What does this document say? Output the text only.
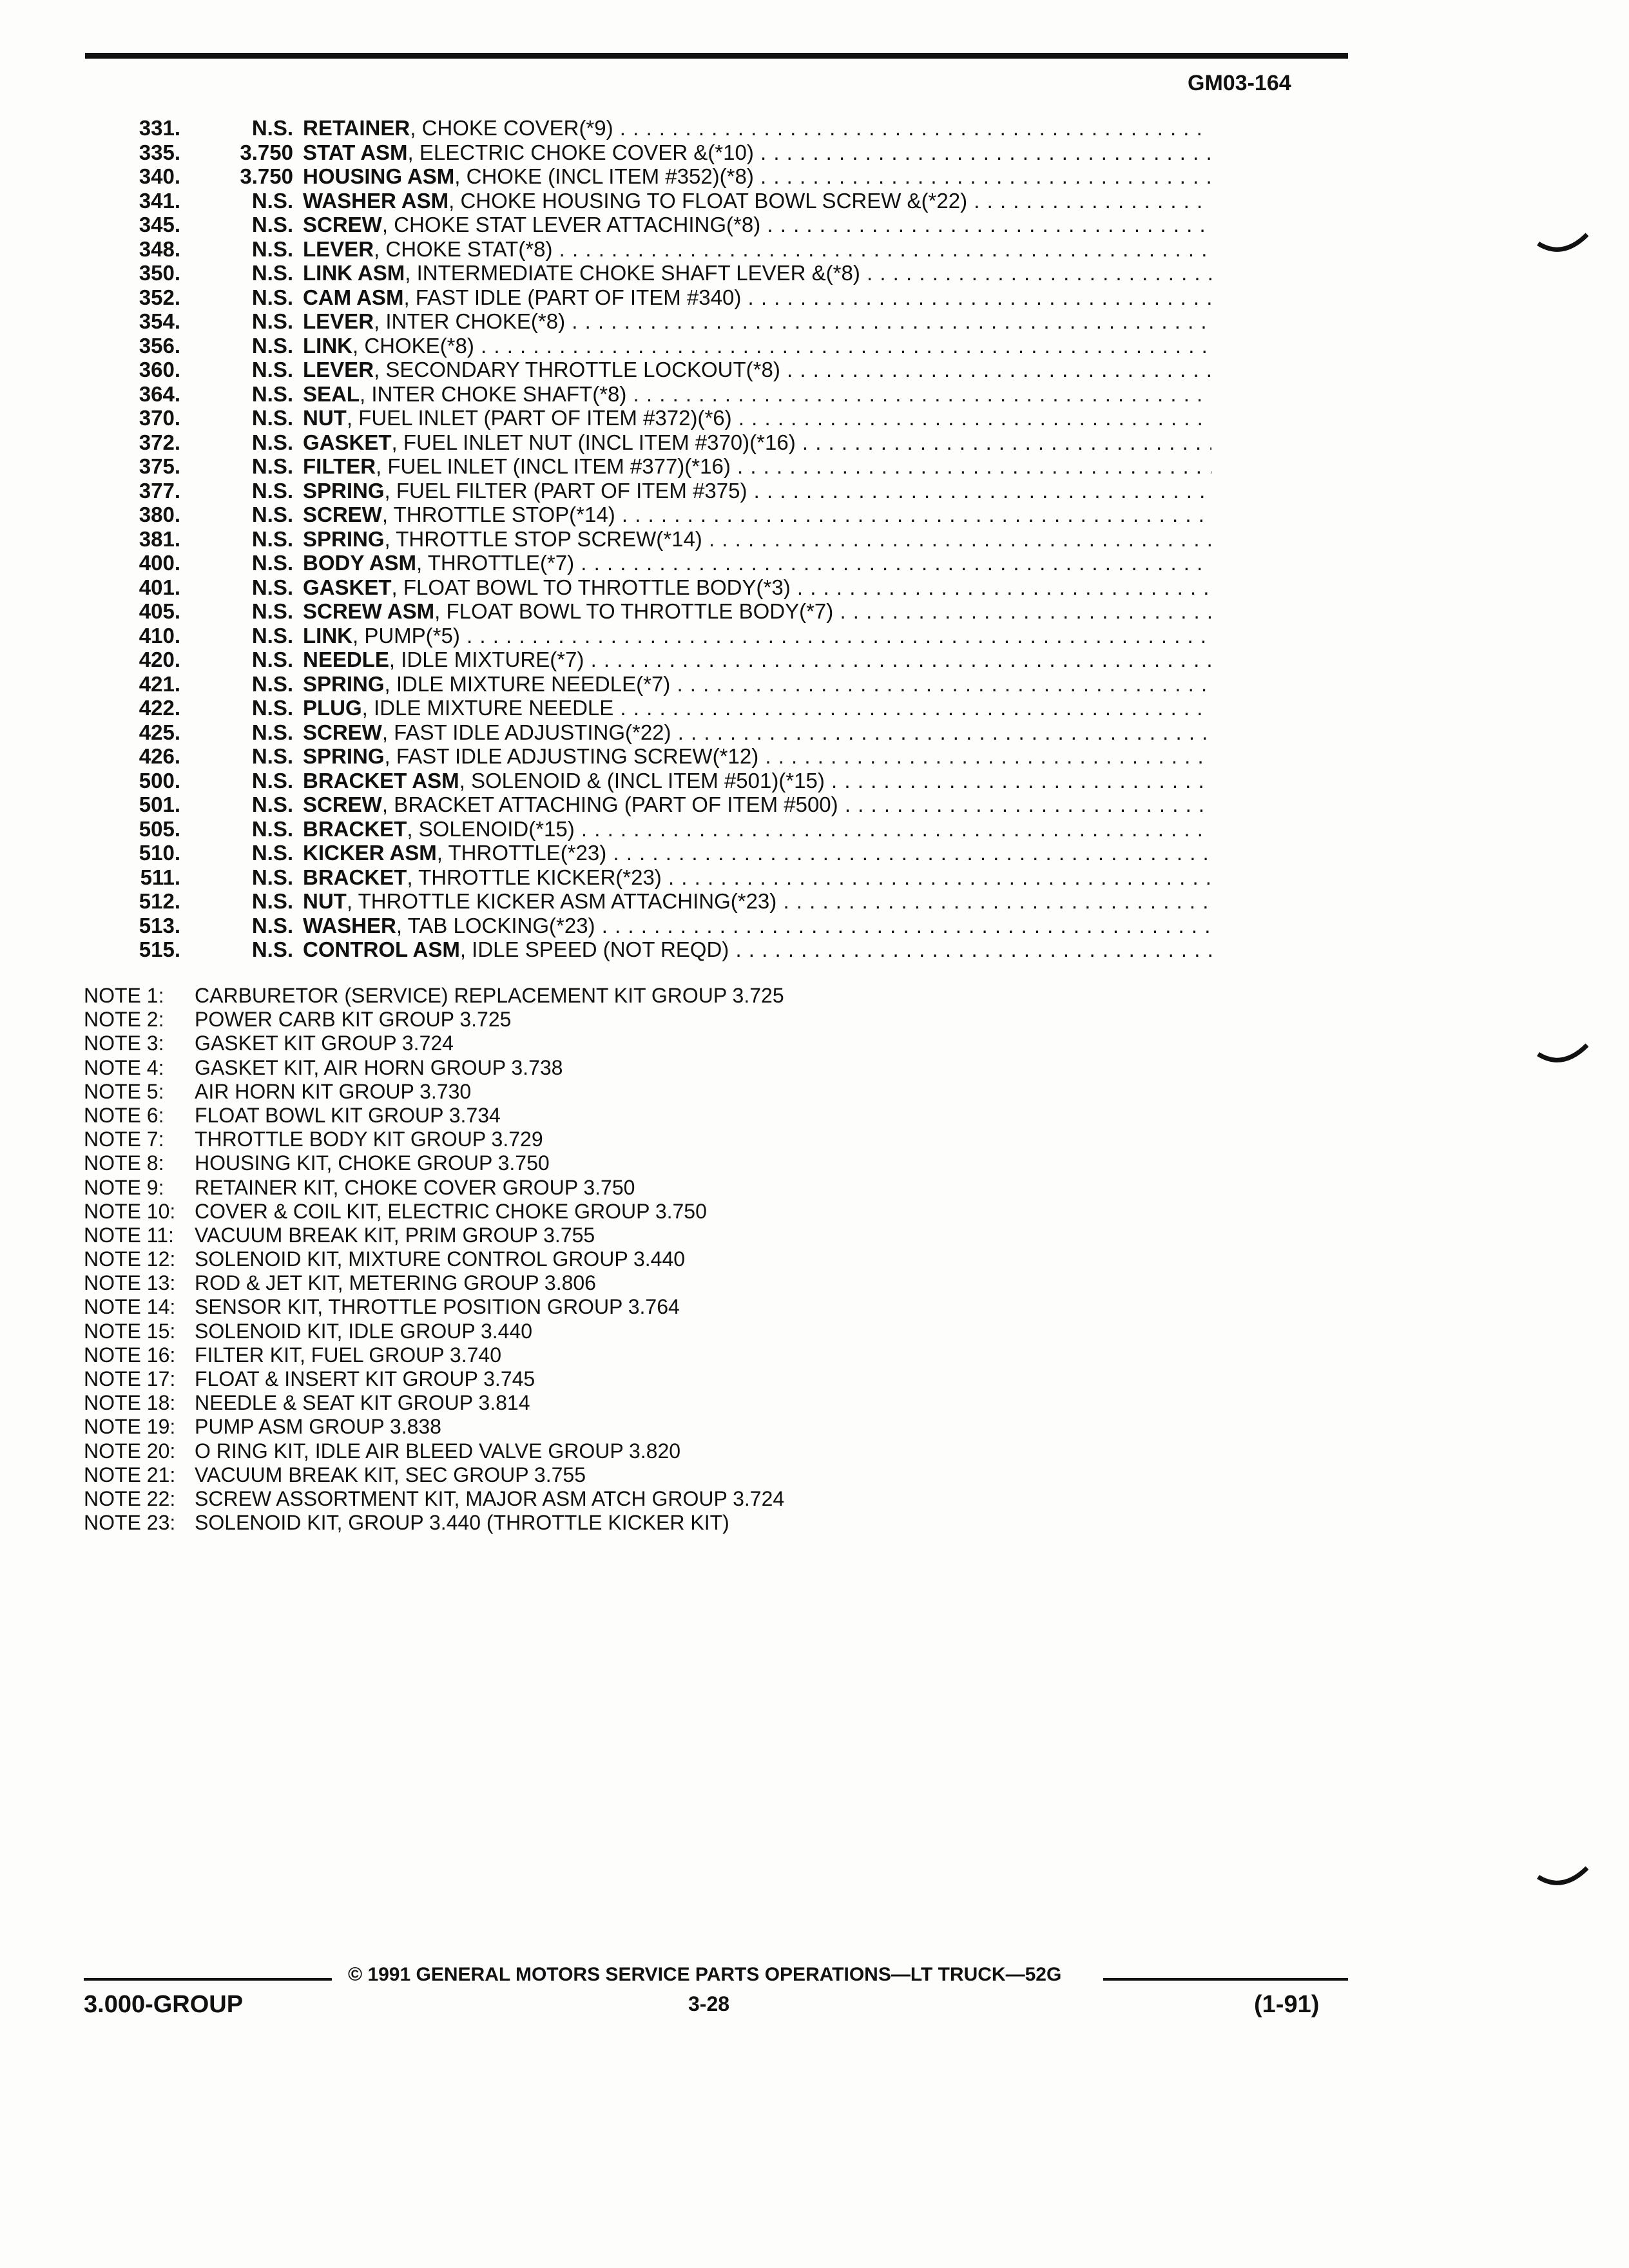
GM03-164
331.	N.S. RETAINER, CHOKE COVER(*9) . . .
335.	3.750 STAT ASM, ELECTRIC CHOKE COVER &(*10) . . .
340.	3.750 HOUSING ASM, CHOKE (INCL ITEM #352)(*8) . . .
341.	N.S. WASHER ASM, CHOKE HOUSING TO FLOAT BOWL SCREW &(*22) . . .
345.	N.S. SCREW, CHOKE STAT LEVER ATTACHING(*8) . . .
348.	N.S. LEVER, CHOKE STAT(*8) . . .
350.	N.S. LINK ASM, INTERMEDIATE CHOKE SHAFT LEVER &(*8) . . .
352.	N.S. CAM ASM, FAST IDLE (PART OF ITEM #340) . . .
354.	N.S. LEVER, INTER CHOKE(*8) . . .
356.	N.S. LINK, CHOKE(*8) . . .
360.	N.S. LEVER, SECONDARY THROTTLE LOCKOUT(*8) . . .
364.	N.S. SEAL, INTER CHOKE SHAFT(*8) . . .
370.	N.S. NUT, FUEL INLET (PART OF ITEM #372)(*6) . . .
372.	N.S. GASKET, FUEL INLET NUT (INCL ITEM #370)(*16) . . .
375.	N.S. FILTER, FUEL INLET (INCL ITEM #377)(*16) . . .
377.	N.S. SPRING, FUEL FILTER (PART OF ITEM #375) . . .
380.	N.S. SCREW, THROTTLE STOP(*14) . . .
381.	N.S. SPRING, THROTTLE STOP SCREW(*14) . . .
400.	N.S. BODY ASM, THROTTLE(*7) . . .
401.	N.S. GASKET, FLOAT BOWL TO THROTTLE BODY(*3) . . .
405.	N.S. SCREW ASM, FLOAT BOWL TO THROTTLE BODY(*7) . . .
410.	N.S. LINK, PUMP(*5) . . .
420.	N.S. NEEDLE, IDLE MIXTURE(*7) . . .
421.	N.S. SPRING, IDLE MIXTURE NEEDLE(*7) . . .
422.	N.S. PLUG, IDLE MIXTURE NEEDLE . . .
425.	N.S. SCREW, FAST IDLE ADJUSTING(*22) . . .
426.	N.S. SPRING, FAST IDLE ADJUSTING SCREW(*12) . . .
500.	N.S. BRACKET ASM, SOLENOID & (INCL ITEM #501)(*15) . . .
501.	N.S. SCREW, BRACKET ATTACHING (PART OF ITEM #500) . . .
505.	N.S. BRACKET, SOLENOID(*15) . . .
510.	N.S. KICKER ASM, THROTTLE(*23) . . .
511.	N.S. BRACKET, THROTTLE KICKER(*23) . . .
512.	N.S. NUT, THROTTLE KICKER ASM ATTACHING(*23) . . .
513.	N.S. WASHER, TAB LOCKING(*23) . . .
515.	N.S. CONTROL ASM, IDLE SPEED (NOT REQD) . . .
NOTE 1: CARBURETOR (SERVICE) REPLACEMENT KIT GROUP 3.725
NOTE 2: POWER CARB KIT GROUP 3.725
NOTE 3: GASKET KIT GROUP 3.724
NOTE 4: GASKET KIT, AIR HORN GROUP 3.738
NOTE 5: AIR HORN KIT GROUP 3.730
NOTE 6: FLOAT BOWL KIT GROUP 3.734
NOTE 7: THROTTLE BODY KIT GROUP 3.729
NOTE 8: HOUSING KIT, CHOKE GROUP 3.750
NOTE 9: RETAINER KIT, CHOKE COVER GROUP 3.750
NOTE 10: COVER & COIL KIT, ELECTRIC CHOKE GROUP 3.750
NOTE 11: VACUUM BREAK KIT, PRIM GROUP 3.755
NOTE 12: SOLENOID KIT, MIXTURE CONTROL GROUP 3.440
NOTE 13: ROD & JET KIT, METERING GROUP 3.806
NOTE 14: SENSOR KIT, THROTTLE POSITION GROUP 3.764
NOTE 15: SOLENOID KIT, IDLE GROUP 3.440
NOTE 16: FILTER KIT, FUEL GROUP 3.740
NOTE 17: FLOAT & INSERT KIT GROUP 3.745
NOTE 18: NEEDLE & SEAT KIT GROUP 3.814
NOTE 19: PUMP ASM GROUP 3.838
NOTE 20: O RING KIT, IDLE AIR BLEED VALVE GROUP 3.820
NOTE 21: VACUUM BREAK KIT, SEC GROUP 3.755
NOTE 22: SCREW ASSORTMENT KIT, MAJOR ASM ATCH GROUP 3.724
NOTE 23: SOLENOID KIT, GROUP 3.440 (THROTTLE KICKER KIT)
© 1991 GENERAL MOTORS SERVICE PARTS OPERATIONS—LT TRUCK—52G
3.000-GROUP	3-28	(1-91)
